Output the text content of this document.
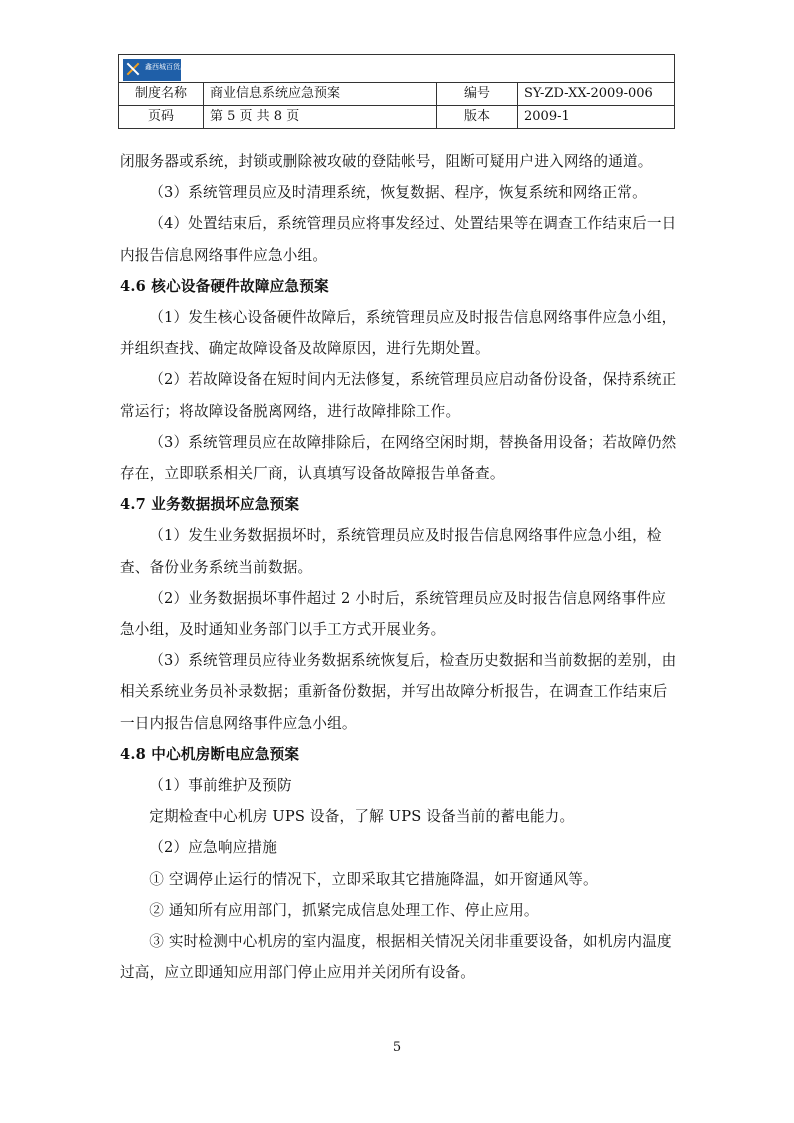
鑫西城百货广场			

制度名称	商业信息系统应急预案	编号	SY-ZD-XX-2009-006
页码	第 5 页 共 8 页	版本	2009-1

闭服务器或系统，封锁或删除被攻破的登陆帐号，阻断可疑用户进入网络的通道。

（3）系统管理员应及时清理系统，恢复数据、程序，恢复系统和网络正常。

（4）处置结束后，系统管理员应将事发经过、处置结果等在调查工作结束后一日内报告信息网络事件应急小组。

4.6 核心设备硬件故障应急预案

（1）发生核心设备硬件故障后，系统管理员应及时报告信息网络事件应急小组，并组织查找、确定故障设备及故障原因，进行先期处置。

（2）若故障设备在短时间内无法修复，系统管理员应启动备份设备，保持系统正常运行；将故障设备脱离网络，进行故障排除工作。

（3）系统管理员应在故障排除后，在网络空闲时期，替换备用设备；若故障仍然存在，立即联系相关厂商，认真填写设备故障报告单备查。

4.7 业务数据损坏应急预案

（1）发生业务数据损坏时，系统管理员应及时报告信息网络事件应急小组，检查、备份业务系统当前数据。

（2）业务数据损坏事件超过 2 小时后，系统管理员应及时报告信息网络事件应急小组，及时通知业务部门以手工方式开展业务。

（3）系统管理员应待业务数据系统恢复后，检查历史数据和当前数据的差别，由相关系统业务员补录数据；重新备份数据，并写出故障分析报告，在调查工作结束后一日内报告信息网络事件应急小组。

4.8 中心机房断电应急预案

（1）事前维护及预防

定期检查中心机房 UPS 设备，了解 UPS 设备当前的蓄电能力。

（2）应急响应措施

① 空调停止运行的情况下，立即采取其它措施降温，如开窗通风等。

② 通知所有应用部门，抓紧完成信息处理工作、停止应用。

③ 实时检测中心机房的室内温度，根据相关情况关闭非重要设备，如机房内温度过高，应立即通知应用部门停止应用并关闭所有设备。

5
